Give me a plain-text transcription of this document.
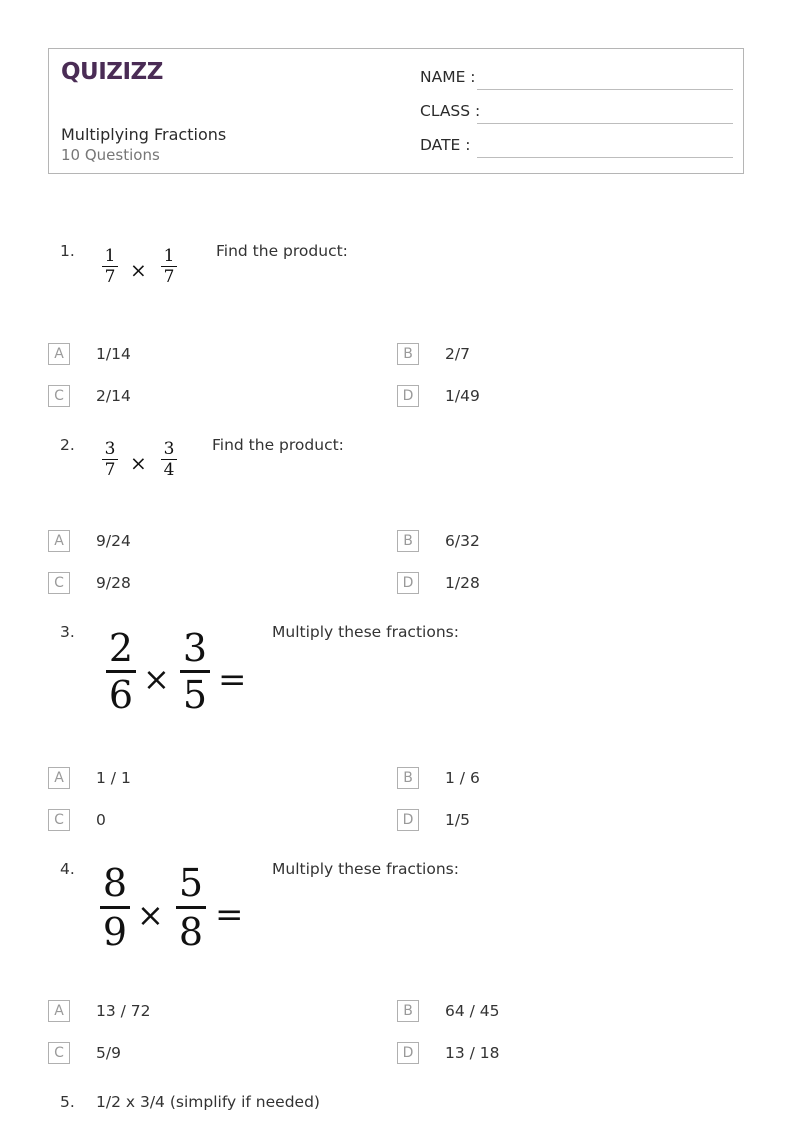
QUIZIZZ
Multiplying Fractions
10 Questions
NAME :
CLASS :
DATE :
1. 1
7 ×
1
7
Find the product:
A	1/14	B	2/7
C	2/14	D	1/49
2. 3
7 ×
3
4
Find the product:
A	9/24	B	6/32
C	9/28	D	1/28
3. 2
6 ×
3
5 =
Multiply these fractions:
A	1 / 1	B	1 / 6
C	0	D	1/5
4. 8
9 ×
5
8 =
Multiply these fractions:
A	13 / 72	B	64 / 45
C	5/9	D	13 / 18
5. 1/2 x 3/4 (simplify if needed)
